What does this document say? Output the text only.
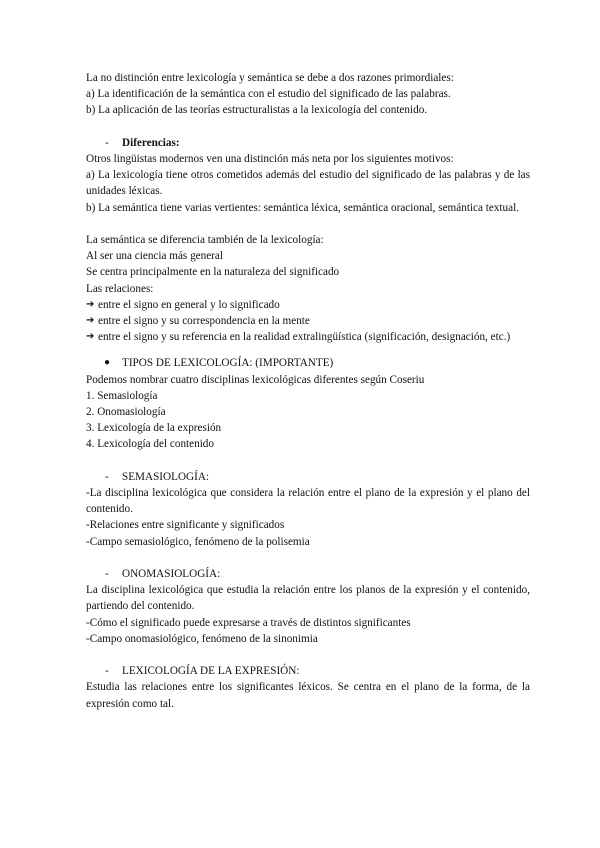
La no distinción entre lexicología y semántica se debe a dos razones primordiales:
a) La identificación de la semántica con el estudio del significado de las palabras.
b) La aplicación de las teorías estructuralistas a la lexicología del contenido.
- Diferencias:
Otros lingüistas modernos ven una distinción más neta por los siguientes motivos:
a) La lexicología tiene otros cometidos además del estudio del significado de las palabras y de las unidades léxicas.
b) La semántica tiene varias vertientes: semántica léxica, semántica oracional, semántica textual.
La semántica se diferencia también de la lexicología:
Al ser una ciencia más general
Se centra principalmente en la naturaleza del significado
Las relaciones:
➔ entre el signo en general y lo significado
➔ entre el signo y su correspondencia en la mente
➔ entre el signo y su referencia en la realidad extralingüística (significación, designación, etc.)
● TIPOS DE LEXICOLOGÍA: (IMPORTANTE)
Podemos nombrar cuatro disciplinas lexicológicas diferentes según Coseriu
1. Semasiología
2. Onomasiología
3. Lexicología de la expresión
4. Lexicología del contenido
- SEMASIOLOGÍA:
-La disciplina lexicológica que considera la relación entre el plano de la expresión y el plano del contenido.
-Relaciones entre significante y significados
-Campo semasiológico, fenómeno de la polisemia
- ONOMASIOLOGÍA:
La disciplina lexicológica que estudia la relación entre los planos de la expresión y el contenido, partiendo del contenido.
-Cómo el significado puede expresarse a través de distintos significantes
-Campo onomasiológico, fenómeno de la sinonimia
- LEXICOLOGÍA DE LA EXPRESIÓN:
Estudia las relaciones entre los significantes léxicos. Se centra en el plano de la forma, de la expresión como tal.
